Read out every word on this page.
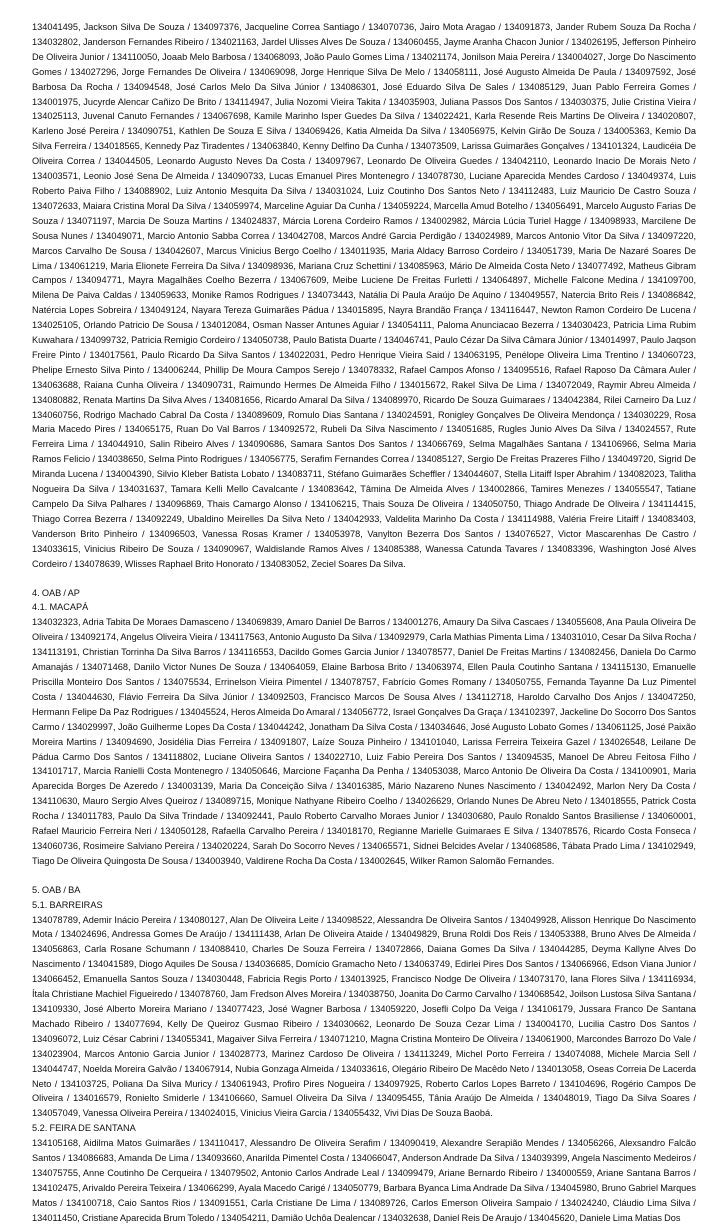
134041495, Jackson Silva De Souza / 134097376, Jacqueline Correa Santiago / 134070736, Jairo Mota Aragao / 134091873, Jander Rubem Souza Da Rocha / 134032802, Janderson Fernandes Ribeiro / 134021163, Jardel Ulisses Alves De Souza / 134060455, Jayme Aranha Chacon Junior / 134026195, Jefferson Pinheiro De Oliveira Junior / 134110050, Joaab Melo Barbosa / 134068093, João Paulo Gomes Lima / 134021174, Jonilson Maia Pereira / 134004027, Jorge Do Nascimento Gomes / 134027296, Jorge Fernandes De Oliveira / 134069098, Jorge Henrique Silva De Melo / 134058111, José Augusto Almeida De Paula / 134097592, José Barbosa Da Rocha / 134094548, José Carlos Melo Da Silva Júnior / 134086301, José Eduardo Silva De Sales / 134085129, Juan Pablo Ferreira Gomes / 134001975, Jucyrde Alencar Cañizo De Brito / 134114947, Julia Nozomi Vieira Takita / 134035903, Juliana Passos Dos Santos / 134030375, Julie Cristina Vieira / 134025113, Juvenal Canuto Fernandes / 134067698, Kamile Marinho Isper Guedes Da Silva / 134022421, Karla Resende Reis Martins De Oliveira / 134020807, Karleno José Pereira / 134090751, Kathlen De Souza E Silva / 134069426, Katia Almeida Da Silva / 134056975, Kelvin Girão De Souza / 134005363, Kemio Da Silva Ferreira / 134018565, Kennedy Paz Tiradentes / 134063840, Kenny Delfino Da Cunha / 134073509, Larissa Guimarães Gonçalves / 134101324, Laudicéia De Oliveira Correa / 134044505, Leonardo Augusto Neves Da Costa / 134097967, Leonardo De Oliveira Guedes / 134042110, Leonardo Inacio De Morais Neto / 134003571, Leonio José Sena De Almeida / 134090733, Lucas Emanuel Pires Montenegro / 134078730, Luciane Aparecida Mendes Cardoso / 134049374, Luis Roberto Paiva Filho / 134088902, Luiz Antonio Mesquita Da Silva / 134031024, Luiz Coutinho Dos Santos Neto / 134112483, Luiz Mauricio De Castro Souza / 134072633, Maiara Cristina Moral Da Silva / 134059974, Marceline Aguiar Da Cunha / 134059224, Marcella Amud Botelho / 134056491, Marcelo Augusto Farias De Souza / 134071197, Marcia De Souza Martins / 134024837, Márcia Lorena Cordeiro Ramos / 134002982, Márcia Lúcia Turiel Hagge / 134098933, Marcilene De Sousa Nunes / 134049071, Marcio Antonio Sabba Correa / 134042708, Marcos André Garcia Perdigão / 134024989, Marcos Antonio Vitor Da Silva / 134097220, Marcos Carvalho De Sousa / 134042607, Marcus Vinicius Bergo Coelho / 134011935, Maria Aldacy Barroso Cordeiro / 134051739, Maria De Nazaré Soares De Lima / 134061219, Maria Elionete Ferreira Da Silva / 134098936, Mariana Cruz Schettini / 134085963, Mário De Almeida Costa Neto / 134077492, Matheus Gibram Campos / 134094771, Mayra Magalhães Coelho Bezerra / 134067609, Meibe Luciene De Freitas Furletti / 134064897, Michelle Falcone Medina / 134109700, Milena De Paiva Caldas / 134059633, Monike Ramos Rodrigues / 134073443, Natália Di Paula Araújo De Aquino / 134049557, Natercia Brito Reis / 134086842, Natércia Lopes Sobreira / 134049124, Nayara Tereza Guimarães Pádua / 134015895, Nayra Brandão França / 134116447, Newton Ramon Cordeiro De Lucena / 134025105, Orlando Patricio De Sousa / 134012084, Osman Nasser Antunes Aguiar / 134054111, Paloma Anunciacao Bezerra / 134030423, Patricia Lima Rubim Kuwahara / 134099732, Patricia Remigio Cordeiro / 134050738, Paulo Batista Duarte / 134046741, Paulo Cézar Da Silva Câmara Júnior / 134014997, Paulo Jaqson Freire Pinto / 134017561, Paulo Ricardo Da Silva Santos / 134022031, Pedro Henrique Vieira Said / 134063195, Penélope Oliveira Lima Trentino / 134060723, Phelipe Ernesto Silva Pinto / 134006244, Phillip De Moura Campos Serejo / 134078332, Rafael Campos Afonso / 134095516, Rafael Raposo Da Câmara Auler / 134063688, Raiana Cunha Oliveira / 134090731, Raimundo Hermes De Almeida Filho / 134015672, Rakel Silva De Lima / 134072049, Raymir Abreu Almeida / 134080882, Renata Martins Da Silva Alves / 134081656, Ricardo Amaral Da Silva / 134089970, Ricardo De Souza Guimaraes / 134042384, Rilei Carneiro Da Luz / 134060756, Rodrigo Machado Cabral Da Costa / 134089609, Romulo Dias Santana / 134024591, Ronigley Gonçalves De Oliveira Mendonça / 134030229, Rosa Maria Macedo Pires / 134065175, Ruan Do Val Barros / 134092572, Rubeli Da Silva Nascimento / 134051685, Rugles Junio Alves Da Silva / 134024557, Rute Ferreira Lima / 134044910, Salin Ribeiro Alves / 134090686, Samara Santos Dos Santos / 134066769, Selma Magalhães Santana / 134106966, Selma Maria Ramos Felicio / 134038650, Selma Pinto Rodrigues / 134056775, Serafim Fernandes Correa / 134085127, Sergio De Freitas Prazeres Filho / 134049720, Sigrid De Miranda Lucena / 134004390, Silvio Kleber Batista Lobato / 134083711, Stéfano Guimarães Scheffler / 134044607, Stella Litaiff Isper Abrahim / 134082023, Talitha Nogueira Da Silva / 134031637, Tamara Kelli Mello Cavalcante / 134083642, Tâmina De Almeida Alves / 134002866, Tamires Menezes / 134055547, Tatiane Campelo Da Silva Palhares / 134096869, Thais Camargo Alonso / 134106215, Thais Souza De Oliveira / 134050750, Thiago Andrade De Oliveira / 134114415, Thiago Correa Bezerra / 134092249, Ubaldino Meirelles Da Silva Neto / 134042933, Valdelita Marinho Da Costa / 134114988, Valéria Freire Litaiff / 134083403, Vanderson Brito Pinheiro / 134096503, Vanessa Rosas Kramer / 134053978, Vanylton Bezerra Dos Santos / 134076527, Victor Mascarenhas De Castro / 134033615, Vinicius Ribeiro De Souza / 134090967, Waldislande Ramos Alves / 134085388, Wanessa Catunda Tavares / 134083396, Washington José Alves Cordeiro / 134078639, Wlisses Raphael Brito Honorato / 134083052, Zeciel Soares Da Silva.

4. OAB / AP

4.1. MACAPÁ

134032323, Adria Tabita De Moraes Damasceno / 134069839, Amaro Daniel De Barros / 134001276, Amaury Da Silva Cascaes / 134055608, Ana Paula Oliveira De Oliveira / 134092174, Angelus Oliveira Vieira / 134117563, Antonio Augusto Da Silva / 134092979, Carla Mathias Pimenta Lima / 134031010, Cesar Da Silva Rocha / 134113191, Christian Torrinha Da Silva Barros / 134116553, Dacildo Gomes Garcia Junior / 134078577, Daniel De Freitas Martins / 134082456, Daniela Do Carmo Amanajás / 134071468, Danilo Victor Nunes De Souza / 134064059, Elaine Barbosa Brito / 134063974, Ellen Paula Coutinho Santana / 134115130, Emanuelle Priscilla Monteiro Dos Santos / 134075534, Errinelson Vieira Pimentel / 134078757, Fabrício Gomes Romany / 134050755, Fernanda Tayanne Da Luz Pimentel Costa / 134044630, Flávio Ferreira Da Silva Júnior / 134092503, Francisco Marcos De Sousa Alves / 134112718, Haroldo Carvalho Dos Anjos / 134047250, Hermann Felipe Da Paz Rodrigues / 134045524, Heros Almeida Do Amaral / 134056772, Israel Gonçalves Da Graça / 134102397, Jackeline Do Socorro Dos Santos Carmo / 134029997, João Guilherme Lopes Da Costa / 134044242, Jonatham Da Silva Costa / 134034646, José Augusto Lobato Gomes / 134061125, José Paixão Moreira Martins / 134094690, Josidélia Dias Ferreira / 134091807, Laíze Souza Pinheiro / 134101040, Larissa Ferreira Teixeira Gazel / 134026548, Leilane De Pádua Carmo Dos Santos / 134118802, Luciane Oliveira Santos / 134022710, Luiz Fabio Pereira Dos Santos / 134094535, Manoel De Abreu Feitosa Filho / 134101717, Marcia Ranielli Costa Montenegro / 134050646, Marcione Façanha Da Penha / 134053038, Marco Antonio De Oliveira Da Costa / 134100901, Maria Aparecida Borges De Azeredo / 134003139, Maria Da Conceição Silva / 134016385, Mário Nazareno Nunes Nascimento / 134042492, Marlon Nery Da Costa / 134110630, Mauro Sergio Alves Queiroz / 134089715, Monique Nathyane Ribeiro Coelho / 134026629, Orlando Nunes De Abreu Neto / 134018555, Patrick Costa Rocha / 134011783, Paulo Da Silva Trindade / 134092441, Paulo Roberto Carvalho Moraes Junior / 134030680, Paulo Ronaldo Santos Brasiliense / 134060001, Rafael Mauricio Ferreira Neri / 134050128, Rafaella Carvalho Pereira / 134018170, Regianne Marielle Guimaraes E Silva / 134078576, Ricardo Costa Fonseca / 134060736, Rosimeire Salviano Pereira / 134020224, Sarah Do Socorro Neves / 134065571, Sidnei Belcides Avelar / 134068586, Tábata Prado Lima / 134102949, Tiago De Oliveira Quingosta De Sousa / 134003940, Valdirene Rocha Da Costa / 134002645, Wilker Ramon Salomão Fernandes.

5. OAB / BA

5.1. BARREIRAS

134078789, Ademir Inácio Pereira / 134080127, Alan De Oliveira Leite / 134098522, Alessandra De Oliveira Santos / 134049928, Alisson Henrique Do Nascimento Mota / 134024696, Andressa Gomes De Araújo / 134111438, Arlan De Oliveira Ataide / 134049829, Bruna Roldi Dos Reis / 134053388, Bruno Alves De Almeida / 134056863, Carla Rosane Schumann / 134088410, Charles De Souza Ferreira / 134072866, Daiana Gomes Da Silva / 134044285, Deyma Kallyne Alves Do Nascimento / 134041589, Diogo Aquiles De Sousa / 134036685, Domício Gramacho Neto / 134063749, Edirlei Pires Dos Santos / 134066966, Edson Viana Junior / 134066452, Emanuella Santos Souza / 134030448, Fabricia Regis Porto / 134013925, Francisco Nodge De Oliveira / 134073170, Iana Flores Silva / 134116934, Ítala Christiane Machiel Figueiredo / 134078760, Jam Fredson Alves Moreira / 134038750, Joanita Do Carmo Carvalho / 134068542, Joilson Lustosa Silva Santana / 134109330, José Alberto Moreira Mariano / 134077423, José Wagner Barbosa / 134059220, Josefli Colpo Da Veiga / 134106179, Jussara Franco De Santana Machado Ribeiro / 134077694, Kelly De Queiroz Gusmao Ribeiro / 134030662, Leonardo De Souza Cezar Lima / 134004170, Lucilia Castro Dos Santos / 134096072, Luiz César Cabrini / 134055341, Magaiver Silva Ferreira / 134071210, Magna Cristina Monteiro De Oliveira / 134061900, Marcondes Barrozo Do Vale / 134023904, Marcos Antonio Garcia Junior / 134028773, Marinez Cardoso De Oliveira / 134113249, Michel Porto Ferreira / 134074088, Michele Marcia Sell / 134044747, Noelda Moreira Galvão / 134067914, Nubia Gonzaga Almeida / 134033616, Olegário Ribeiro De Macêdo Neto / 134013058, Oseas Correia De Lacerda Neto / 134103725, Poliana Da Silva Muricy / 134061943, Profiro Pires Nogueira / 134097925, Roberto Carlos Lopes Barreto / 134104696, Rogério Campos De Oliveira / 134016579, Ronielto Smiderle / 134106660, Samuel Oliveira Da Silva / 134095455, Tânia Araújo De Almeida / 134048019, Tiago Da Silva Soares / 134057049, Vanessa Oliveira Pereira / 134024015, Vinicius Vieira Garcia / 134055432, Vivi Dias De Souza Baobá.

5.2. FEIRA DE SANTANA

134105168, Aidilma Matos Guimarães / 134110417, Alessandro De Oliveira Serafim / 134090419, Alexandre Serapião Mendes / 134056266, Alexsandro Falcão Santos / 134086683, Amanda De Lima / 134093660, Anarilda Pimentel Costa / 134066047, Anderson Andrade Da Silva / 134039399, Angela Nascimento Medeiros / 134075755, Anne Coutinho De Cerqueira / 134079502, Antonio Carlos Andrade Leal / 134099479, Ariane Bernardo Ribeiro / 134000559, Ariane Santana Barros / 134102475, Arivaldo Pereira Teixeira / 134066299, Ayala Macedo Carigé / 134050779, Barbara Byanca Lima Andrade Da Silva / 134045980, Bruno Gabriel Marques Matos / 134100718, Caio Santos Rios / 134091551, Carla Cristiane De Lima / 134089726, Carlos Emerson Oliveira Sampaio / 134024240, Cláudio Lima Silva / 134011450, Cristiane Aparecida Brum Toledo / 134054211, Damião Uchôa Dealencar / 134032638, Daniel Reis De Araujo / 134045620, Daniele Lima Matias Dos
